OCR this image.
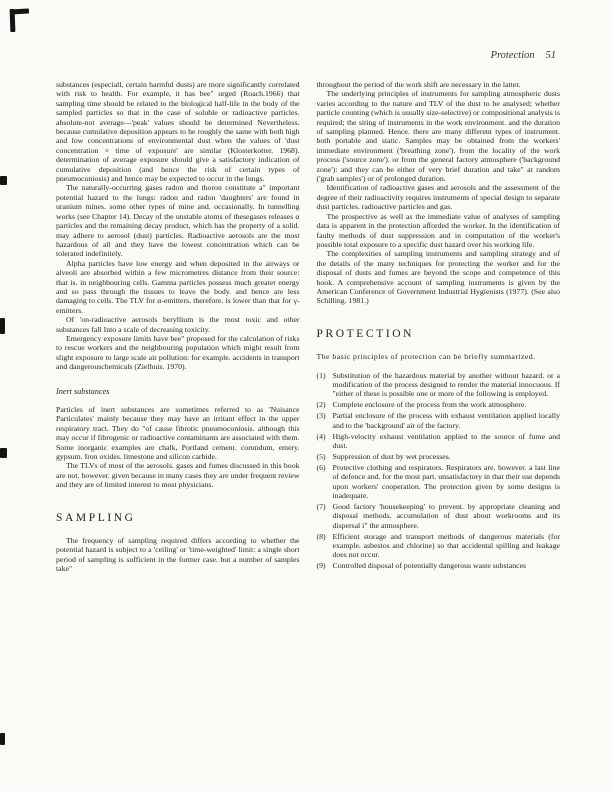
Protection 51

substances (especiall, certain harmful dusts) are more significantly correlated with risk to health. For example, it has bee" urged (Roach.1966) that sampling time should be related to the biological half-life in the body of the sampled particles so that in the case of soluble or radioactive particles. absolute-not average—'peak' values should be determined Nevertheless. because cumulative deposition appears to he roughly the same with both high and low concentrations of environmental dust when the values of 'dust concentration × time of exposure' are similar (Klosterkotter. 1968). determination of average exposure should give a satisfactory indication of cumulative deposition (and hence the risk of certain types of pneumoconiosis) and hence may be expected to occur in the lungs.

The naturally-occurring gases radon and thoron constitute a" important potential hazard to the lungs: radon and radon 'daughters' are found in uranium mines. some other types of mine and. occasionally. In tunnelling works (see Chapter 14). Decay of the unstable atoms of thesegases releases α particles and the remaining decay product, which has the property of a solid. may adhere to aerosol (dust) particles. Radioactive aerosols are the most hazardous of all and they have the lowest concentration which can be tolerated indefinitely.

Alpha particles have low energy and when deposited in the airways or alveoli are absorbed within a few micrometres distance from their source: that is. in neighbouring cells. Gamma particles possess much greater energy and so pass through the tissues to leave the body. and hence are less damaging to cells. The TLV for α-emitters. therefore. is lower than that for γ-emitters.

Of 'on-radioactive aerosols beryllium is the most toxic and other substances fall Into a scale of decreasing toxicity.

Emergency exposure limits have bee" proposed for the calculation of risks to rescue workers and the neighbouring population which might result from slight exposure to large scale air pollution: for example. accidents in transport and dangerouschemicals (Zielhuis. 1970).

Inert substances

Particles of inert substances are sometimes referred to as 'Nuisance Particulates' mainly because they may have an irritant effect in the upper respiratory tract. They do "of cause fibrotic pneumoconiosis. although this may occur if fibrogenic or radioactive contaminants are associated with them. Some inorganic examples are chalk, Portland cement. corundum, emery. gypsum. Iron oxides. limestone and silicon carbide.

The TLVs of most of the aerosols. gases and fumes discussed in this book are not. however. given because in many cases they are under frequent review and they are of limited interest to most physicians.

SAMPLING

The frequency of sampling required differs according to whether the potential hazard is subject to a 'ceiling' or 'time-weighted' limit: a single short period of sampling is sufficient in the former case. but a number of samples take"

throughout the period of the work shift are necessary in the latter.

The underlying principles of instruments for sampling atmospheric dusts varies according to the nature and TLV of the dust to be analysed; whether particle counting (which is usually size-selective) or compositional analysis is required; the siting of instruments in the work environment. and the duration of sampling planned. Hence. there are many different types of instrument. both portable and static. Samples may be obtained from the workers' immediate environment ('breathing zone'). from the locality of the work process ('source zone'). or from the general factory atmosphere ('background zone'): and they can be either of very brief duration and take" at random ('grab samples') or of prolonged duration.

Identification of radioactive gases and aerosols and the assessment of the degree of their radioactivity requires instruments of special design to separate dust particles. radioactive particles and gas.

The prospective as well as the immediate value of analyses of sampling data is apparent in the protection afforded the worker. In the identification of faulty methods of dust suppression and in computation of the worker's possible total exposure to a specific dust hazard over his working life.

The complexities of sampling instruments and sampling strategy and of the details of the many techniques for protecting the worker and for the disposal of dusts and fumes are beyond the scope and competence of this book. A comprehensive account of sampling instruments is given by the American Conference of Government Industrial Hygienists (1977). (See also Schilling. 1981.)

PROTECTION

The basic principles of protection can be briefly summarized.

(1) Substitution of the hazardous material by another without hazard. or a modification of the process designed to render the material innocuous. If "either of these is possible one or more of the following is employed.
(2) Complete enclosure of the process from the work atmosphere.
(3) Partial enclosure of the process with exhaust ventilation applied locally and to the 'background' air of the factory.
(4) High-velocity exhaust ventilation applied to the source of fume and dust.
(5) Suppression of dust by wet processes.
(6) Protective clothing and respirators. Respirators are. however. a last line of defence and. for the most part. unsatisfactory in that their use depends upon workers' cooperation. The protection given by some designs is inadequate.
(7) Good factory 'housekeeping' to prevent. by appropriate cleaning and disposal methods. accumulation of dust about workrooms and its dispersal i" the atmosphere.
(8) Efficient storage and transport methods of dangerous materials (for example. asbestos and chlorine) so that accidental spilling and leakage does not occur.
(9) Controlled disposal of potentially dangerous waste substances
